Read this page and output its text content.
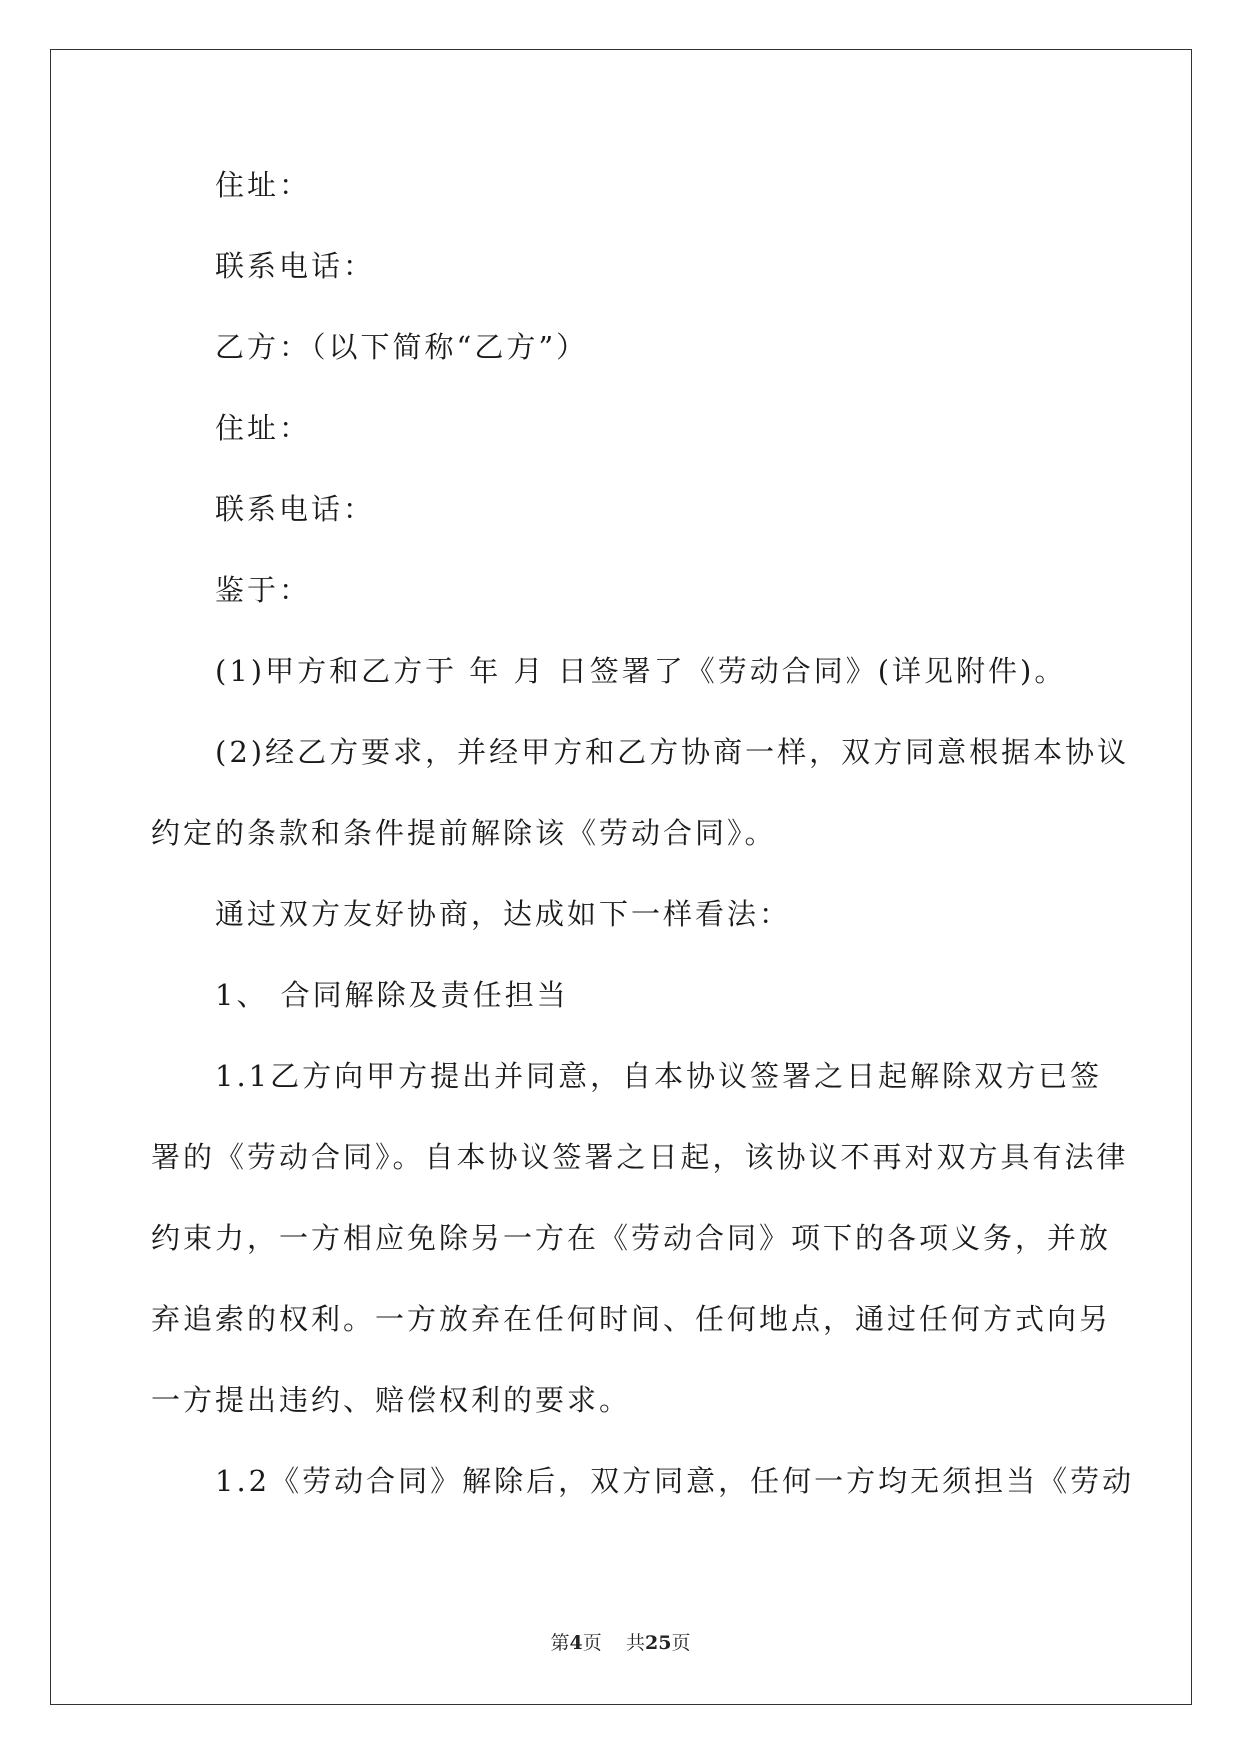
住址：

联系电话：

乙方：（以下简称“乙方”）

住址：

联系电话：

鉴于：

(1)甲方和乙方于 年 月 日签署了《劳动合同》(详见附件)。

(2)经乙方要求，并经甲方和乙方协商一样，双方同意根据本协议

约定的条款和条件提前解除该《劳动合同》。

通过双方友好协商，达成如下一样看法：

1、 合同解除及责任担当

1.1乙方向甲方提出并同意，自本协议签署之日起解除双方已签

署的《劳动合同》。自本协议签署之日起，该协议不再对双方具有法律

约束力，一方相应免除另一方在《劳动合同》项下的各项义务，并放

弃追索的权利。一方放弃在任何时间、任何地点，通过任何方式向另

一方提出违约、赔偿权利的要求。

1.2《劳动合同》解除后，双方同意，任何一方均无须担当《劳动

第4页 共25页
